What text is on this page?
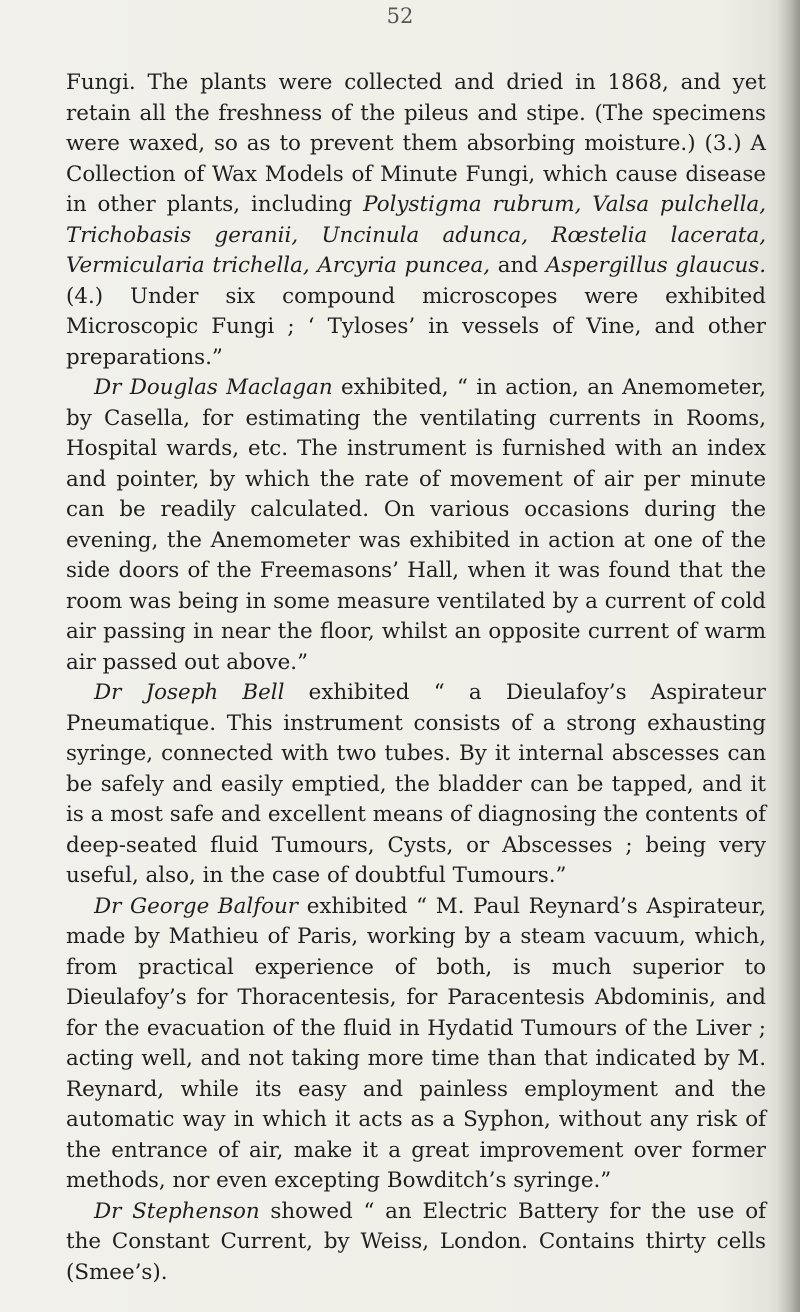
52

Fungi. The plants were collected and dried in 1868, and yet retain all the freshness of the pileus and stipe. (The specimens were waxed, so as to prevent them absorbing moisture.) (3.) A Collection of Wax Models of Minute Fungi, which cause disease in other plants, including Polystigma rubrum, Valsa pulchella, Trichobasis geranii, Uncinula adunca, Rœstelia lacerata, Vermicularia trichella, Arcyria puncea, and Aspergillus glaucus. (4.) Under six compound microscopes were exhibited Microscopic Fungi ; ‘ Tyloses’ in vessels of Vine, and other preparations.”

Dr Douglas Maclagan exhibited, “ in action, an Anemometer, by Casella, for estimating the ventilating currents in Rooms, Hospital wards, etc. The instrument is furnished with an index and pointer, by which the rate of movement of air per minute can be readily calculated. On various occasions during the evening, the Anemometer was exhibited in action at one of the side doors of the Freemasons’ Hall, when it was found that the room was being in some measure ventilated by a current of cold air passing in near the floor, whilst an opposite current of warm air passed out above.”

Dr Joseph Bell exhibited “ a Dieulafoy’s Aspirateur Pneumatique. This instrument consists of a strong exhausting syringe, connected with two tubes. By it internal abscesses can be safely and easily emptied, the bladder can be tapped, and it is a most safe and excellent means of diagnosing the contents of deep-seated fluid Tumours, Cysts, or Abscesses ; being very useful, also, in the case of doubtful Tumours.”

Dr George Balfour exhibited “ M. Paul Reynard’s Aspirateur, made by Mathieu of Paris, working by a steam vacuum, which, from practical experience of both, is much superior to Dieulafoy’s for Thoracentesis, for Paracentesis Abdominis, and for the evacuation of the fluid in Hydatid Tumours of the Liver ; acting well, and not taking more time than that indicated by M. Reynard, while its easy and painless employment and the automatic way in which it acts as a Syphon, without any risk of the entrance of air, make it a great improvement over former methods, nor even excepting Bowditch’s syringe.”

Dr Stephenson showed “ an Electric Battery for the use of the Constant Current, by Weiss, London. Contains thirty cells (Smee’s).
